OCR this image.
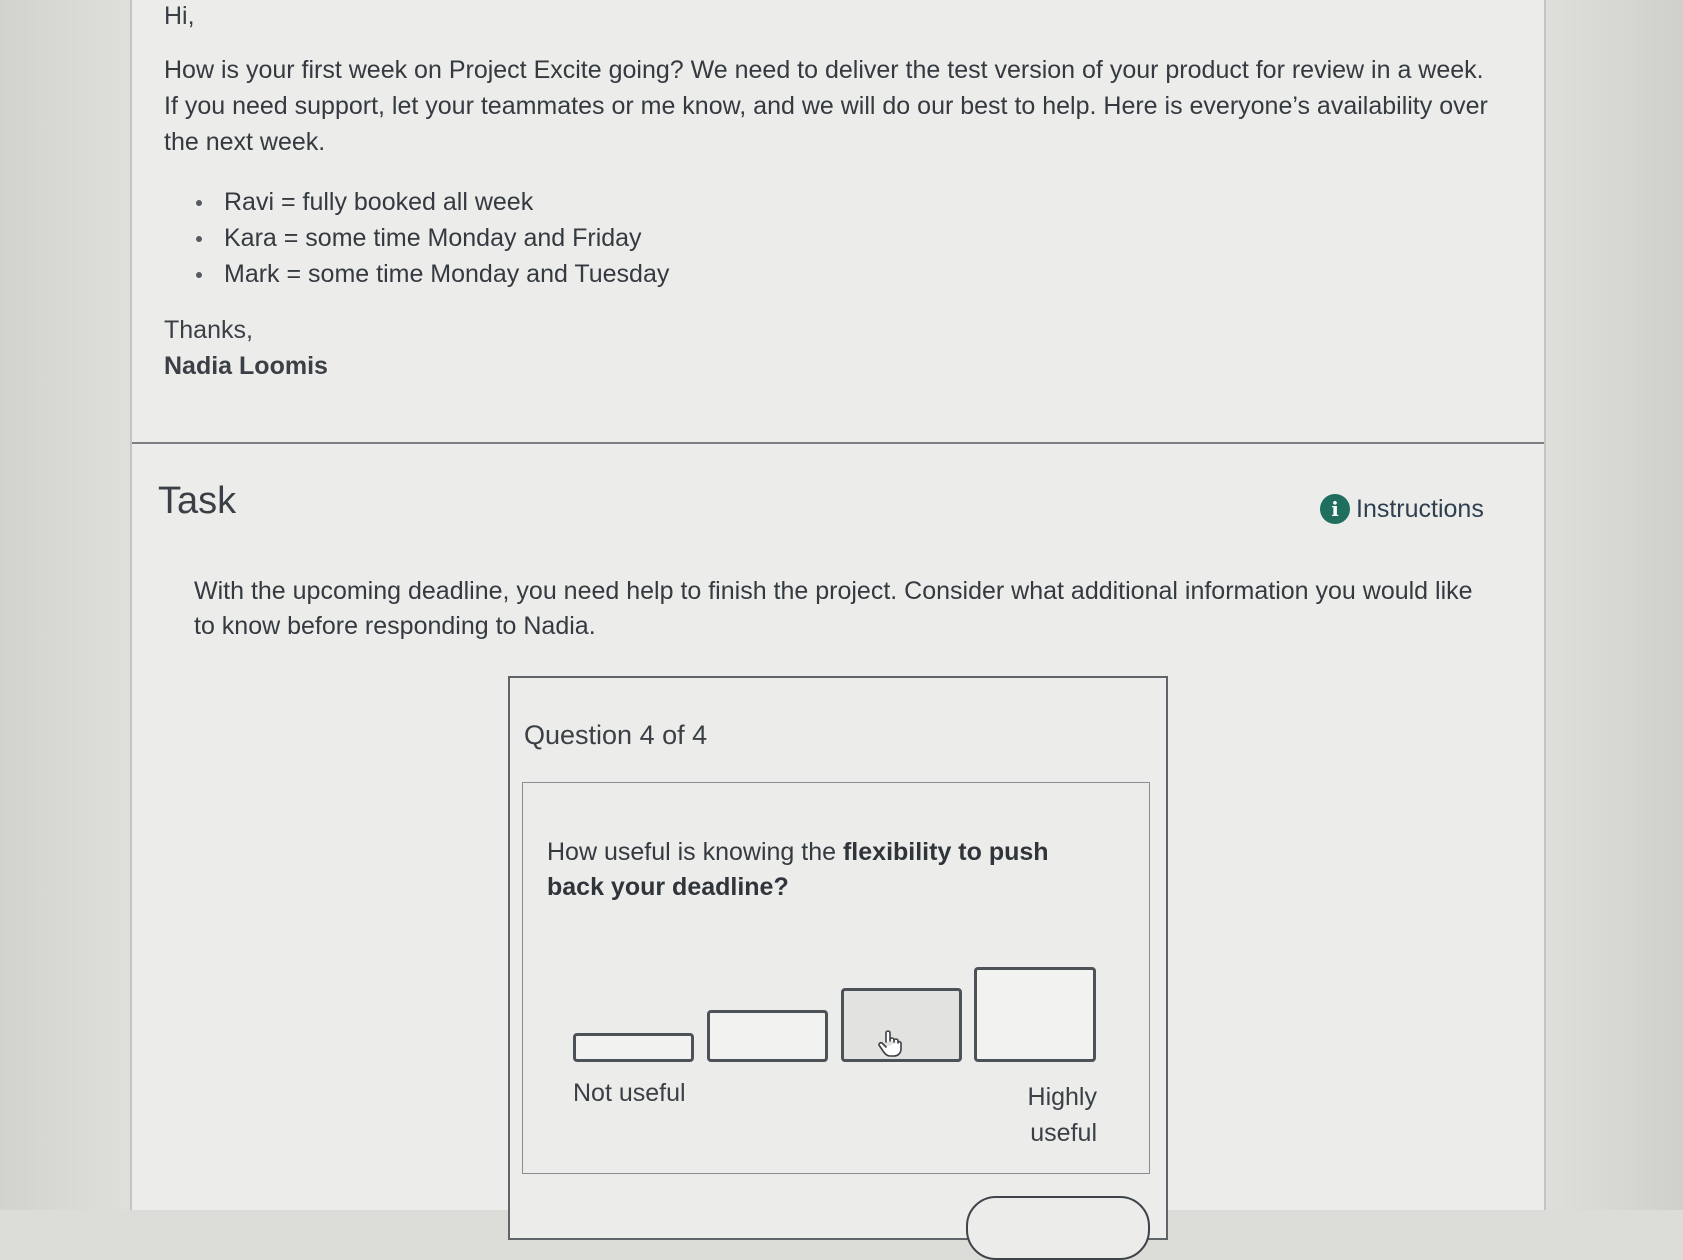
Hi,
How is your first week on Project Excite going? We need to deliver the test version of your product for review in a week. If you need support, let your teammates or me know, and we will do our best to help. Here is everyone’s availability over the next week.
Ravi = fully booked all week
Kara = some time Monday and Friday
Mark = some time Monday and Tuesday
Thanks,
Nadia Loomis
Task	i Instructions
With the upcoming deadline, you need help to finish the project. Consider what additional information you would like to know before responding to Nadia.
Question 4 of 4
How useful is knowing the flexibility to push back your deadline?
Not useful	Highly
useful
